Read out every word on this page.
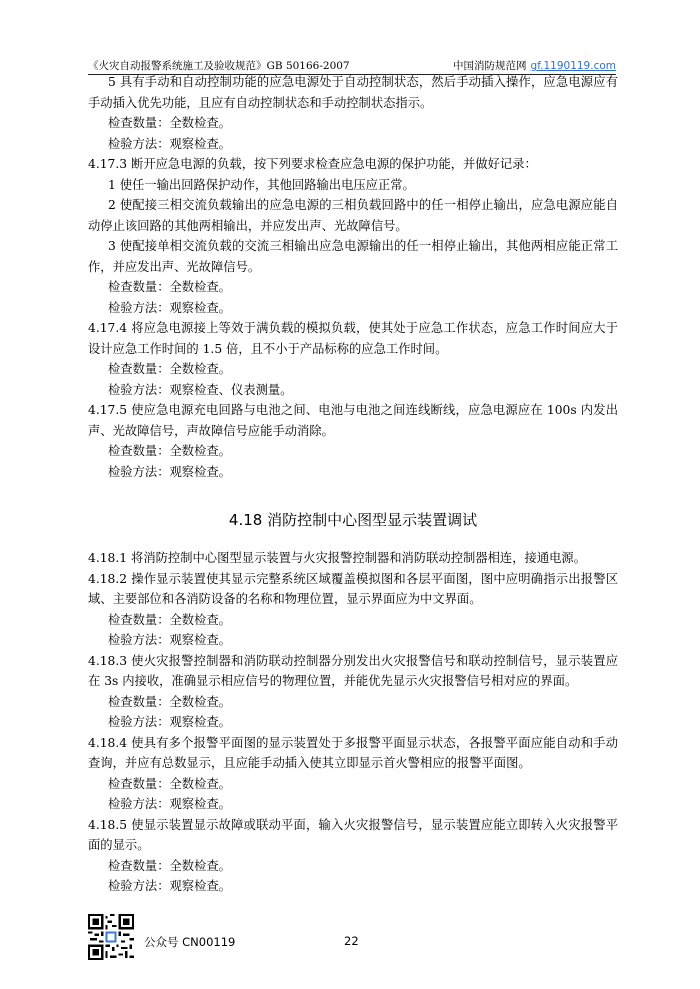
《火灾自动报警系统施工及验收规范》GB 50166-2007	中国消防规范网 gf.1190119.com

5 具有手动和自动控制功能的应急电源处于自动控制状态，然后手动插入操作，应急电源应有手动插入优先功能，且应有自动控制状态和手动控制状态指示。

检查数量：全数检查。

检验方法：观察检查。

4.17.3 断开应急电源的负载，按下列要求检查应急电源的保护功能，并做好记录：

1 使任一输出回路保护动作，其他回路输出电压应正常。

2 使配接三相交流负载输出的应急电源的三相负载回路中的任一相停止输出，应急电源应能自动停止该回路的其他两相输出，并应发出声、光故障信号。

3 使配接单相交流负载的交流三相输出应急电源输出的任一相停止输出，其他两相应能正常工作，并应发出声、光故障信号。

检查数量：全数检查。

检验方法：观察检查。

4.17.4 将应急电源接上等效于满负载的模拟负载，使其处于应急工作状态，应急工作时间应大于设计应急工作时间的 1.5 倍，且不小于产品标称的应急工作时间。

检查数量：全数检查。

检验方法：观察检查、仪表测量。

4.17.5 使应急电源充电回路与电池之间、电池与电池之间连线断线，应急电源应在 100s 内发出声、光故障信号，声故障信号应能手动消除。

检查数量：全数检查。

检验方法：观察检查。

4.18 消防控制中心图型显示装置调试

4.18.1 将消防控制中心图型显示装置与火灾报警控制器和消防联动控制器相连，接通电源。

4.18.2 操作显示装置使其显示完整系统区域覆盖模拟图和各层平面图，图中应明确指示出报警区域、主要部位和各消防设备的名称和物理位置，显示界面应为中文界面。

检查数量：全数检查。

检验方法：观察检查。

4.18.3 使火灾报警控制器和消防联动控制器分别发出火灾报警信号和联动控制信号，显示装置应在 3s 内接收，准确显示相应信号的物理位置，并能优先显示火灾报警信号相对应的界面。

检查数量：全数检查。

检验方法：观察检查。

4.18.4 使具有多个报警平面图的显示装置处于多报警平面显示状态，各报警平面应能自动和手动查询，并应有总数显示，且应能手动插入使其立即显示首火警相应的报警平面图。

检查数量：全数检查。

检验方法：观察检查。

4.18.5 使显示装置显示故障或联动平面，输入火灾报警信号，显示装置应能立即转入火灾报警平面的显示。

检查数量：全数检查。

检验方法：观察检查。

公众号 CN00119	22
